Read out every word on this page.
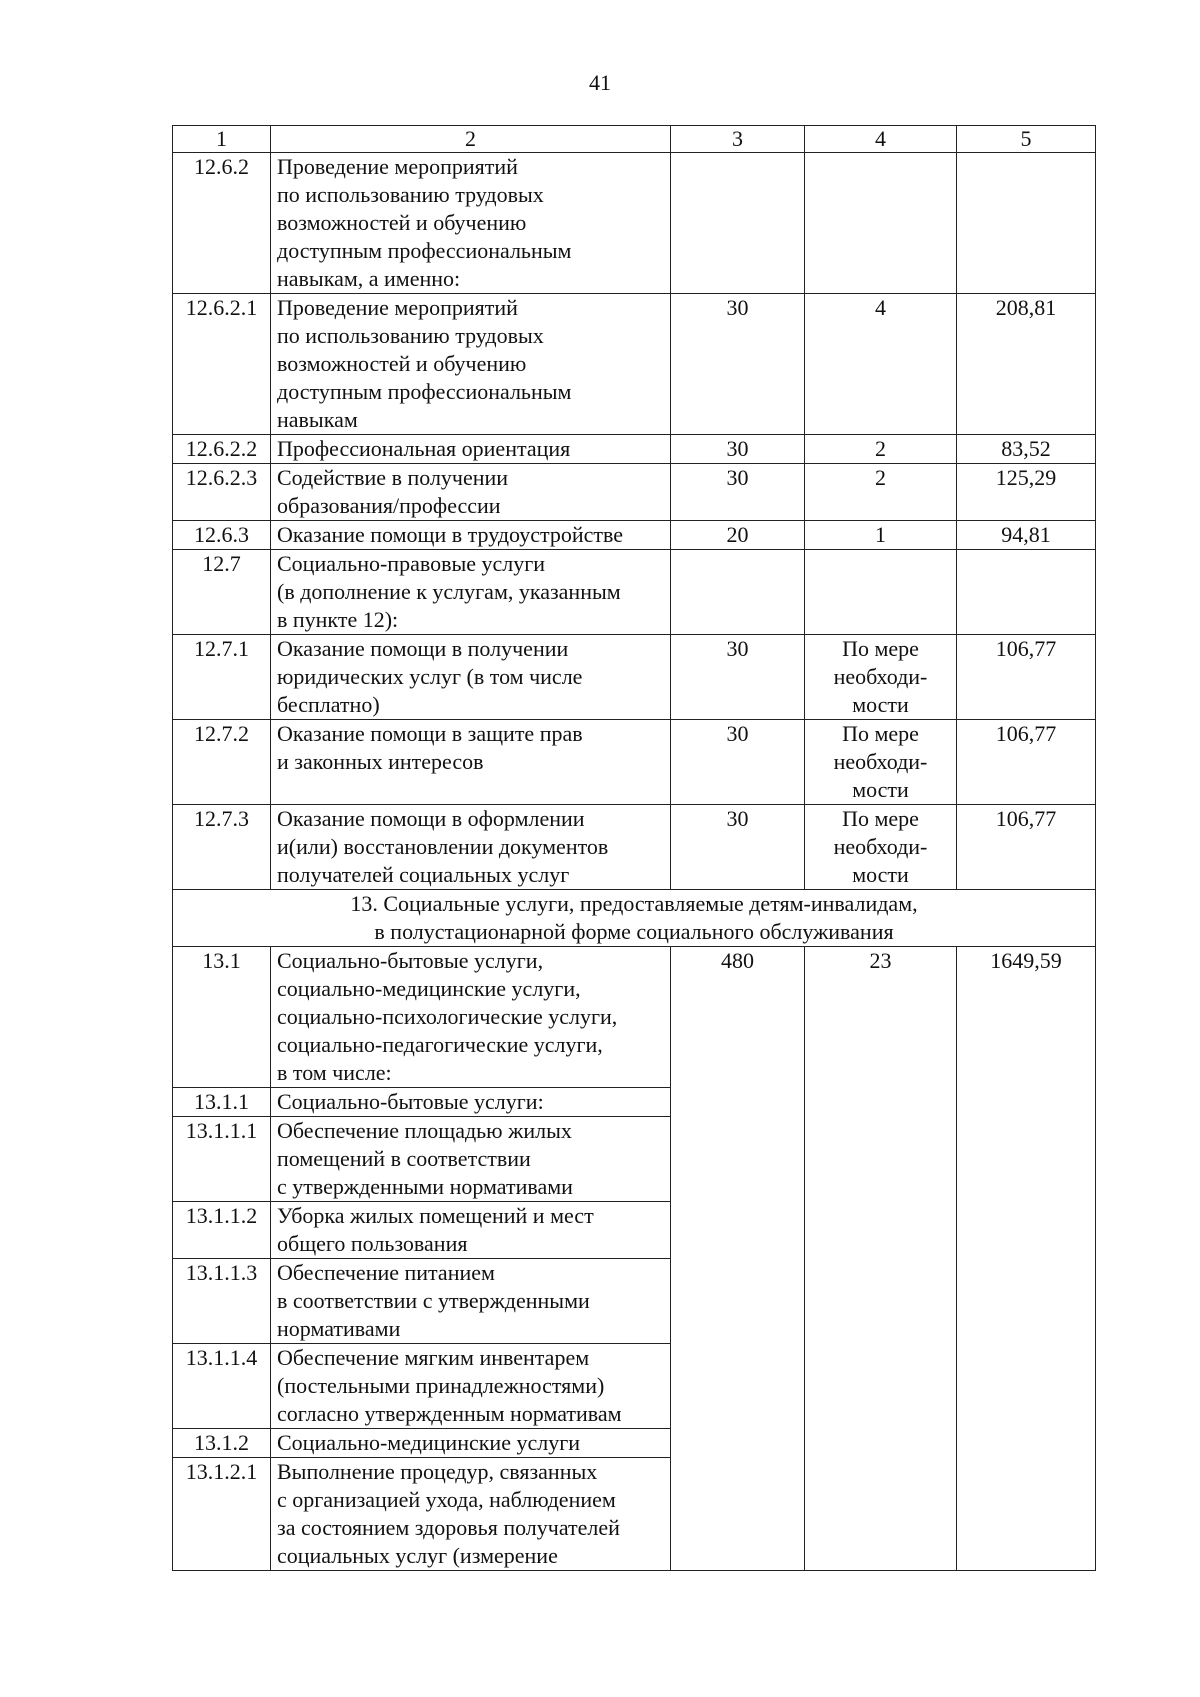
41
1	2	3	4	5
12.6.2	Проведение мероприятий
по использованию трудовых
возможностей и обучению
доступным профессиональным
навыкам, а именно:			

12.6.2.1	Проведение мероприятий
по использованию трудовых
возможностей и обучению
доступным профессиональным
навыкам	30	4	208,81
12.6.2.2	Профессиональная ориентация	30	2	83,52
12.6.2.3	Содействие в получении
образования/профессии	30	2	125,29
12.6.3	Оказание помощи в трудоустройстве	20	1	94,81
12.7	Социально-правовые услуги
(в дополнение к услугам, указанным
в пункте 12):			

12.7.1	Оказание помощи в получении
юридических услуг (в том числе
бесплатно)	30	По мере
необходи-
мости	106,77
12.7.2	Оказание помощи в защите прав
и законных интересов	30	По мере
необходи-
мости	106,77
12.7.3	Оказание помощи в оформлении
и(или) восстановлении документов
получателей социальных услуг	30	По мере
необходи-
мости	106,77

13. Социальные услуги, предоставляемые детям-инвалидам,
в полустационарной форме социального обслуживания				

13.1	Социально-бытовые услуги,
социально-медицинские услуги,
социально-психологические услуги,
социально-педагогические услуги,
в том числе:	480	23	1649,59
13.1.1	Социально-бытовые услуги:			

13.1.1.1	Обеспечение площадью жилых
помещений в соответствии
с утвержденными нормативами			

13.1.1.2	Уборка жилых помещений и мест
общего пользования			

13.1.1.3	Обеспечение питанием
в соответствии с утвержденными
нормативами			

13.1.1.4	Обеспечение мягким инвентарем
(постельными принадлежностями)
согласно утвержденным нормативам			

13.1.2	Социально-медицинские услуги			

13.1.2.1	Выполнение процедур, связанных
с организацией ухода, наблюдением
за состоянием здоровья получателей
социальных услуг (измерение			
